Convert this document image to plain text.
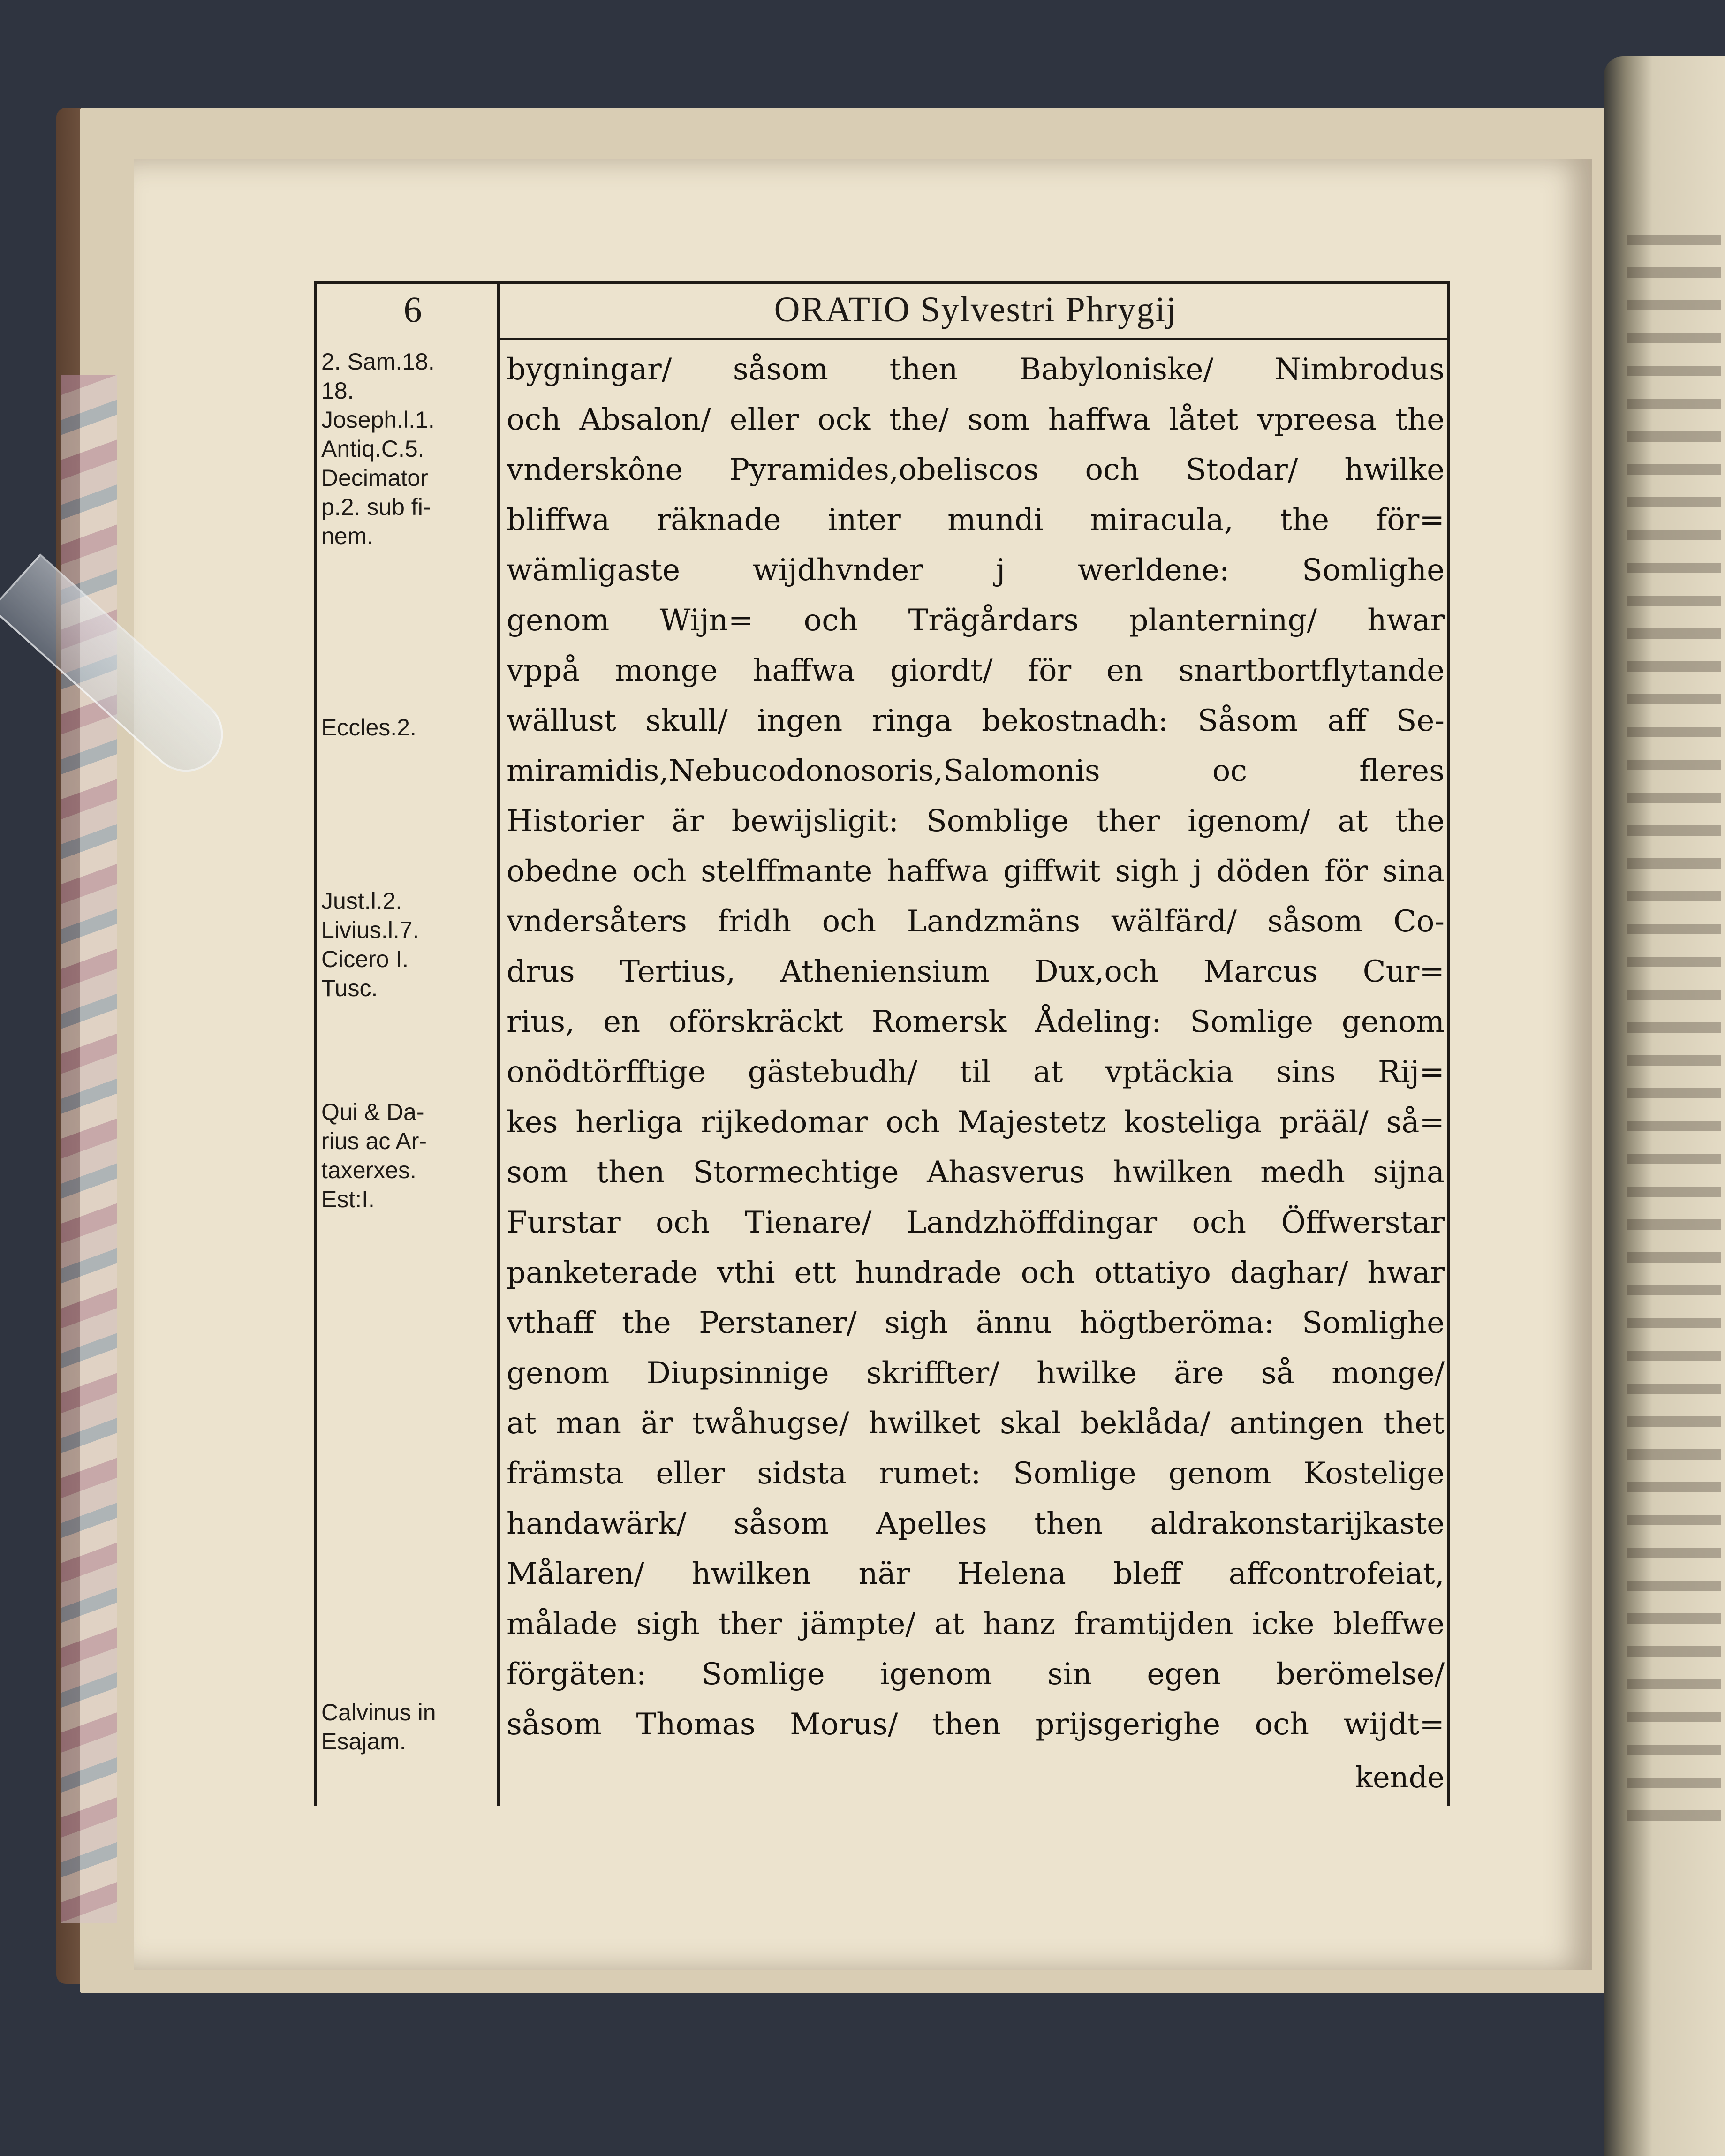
6	ORATIO Sylvestri Phrygij
2. Sam.18.
18.
Joseph.l.1.
Antiq.C.5.
Decimator
p.2. sub fi-
nem.
Eccles.2.
Just.l.2.
Livius.l.7.
Cicero I.
Tusc.
Qui & Da-
rius ac Ar-
taxerxes.
Est:I.
Calvinus in
Esajam.
bygningar/ såsom then Babyloniske/ Nimbrodus
och Absalon/ eller ock the/ som haffwa låtet vpreesa the
vnderskône Pyramides,obeliscos och Stodar/ hwilke
bliffwa räknade inter mundi miracula, the för=
wämligaste wijdhvnder j werldene: Somlighe
genom Wijn= och Trägårdars planterning/ hwar
vppå monge haffwa giordt/ för en snartbortflytande
wällust skull/ ingen ringa bekostnadh: Såsom aff Se-
miramidis,Nebucodonosoris,Salomonis oc fleres
Historier är bewijsligit: Somblige ther igenom/ at the
obedne och stelffmante haffwa giffwit sigh j döden för sina
vndersåters fridh och Landzmäns wälfärd/ såsom Co-
drus Tertius, Atheniensium Dux,och Marcus Cur=
rius, en oförskräckt Romersk Ådeling: Somlige genom
onödtörfftige gästebudh/ til at vptäckia sins Rij=
kes herliga rijkedomar och Majestetz kosteliga prääl/ så=
som then Stormechtige Ahasverus hwilken medh sijna
Furstar och Tienare/ Landzhöffdingar och Öffwerstar
panketerade vthi ett hundrade och ottatiyo daghar/ hwar
vthaff the Perstaner/ sigh ännu högtberöma: Somlighe
genom Diupsinnige skriffter/ hwilke äre så monge/
at man är twåhugse/ hwilket skal beklåda/ antingen thet
främsta eller sidsta rumet: Somlige genom Kostelige
handawärk/ såsom Apelles then aldrakonstarijkaste
Målaren/ hwilken när Helena bleff affcontrofeiat,
målade sigh ther jämpte/ at hanz framtijden icke bleffwe
förgäten: Somlige igenom sin egen berömelse/
såsom Thomas Morus/ then prijsgerighe och wijdt=
kende
